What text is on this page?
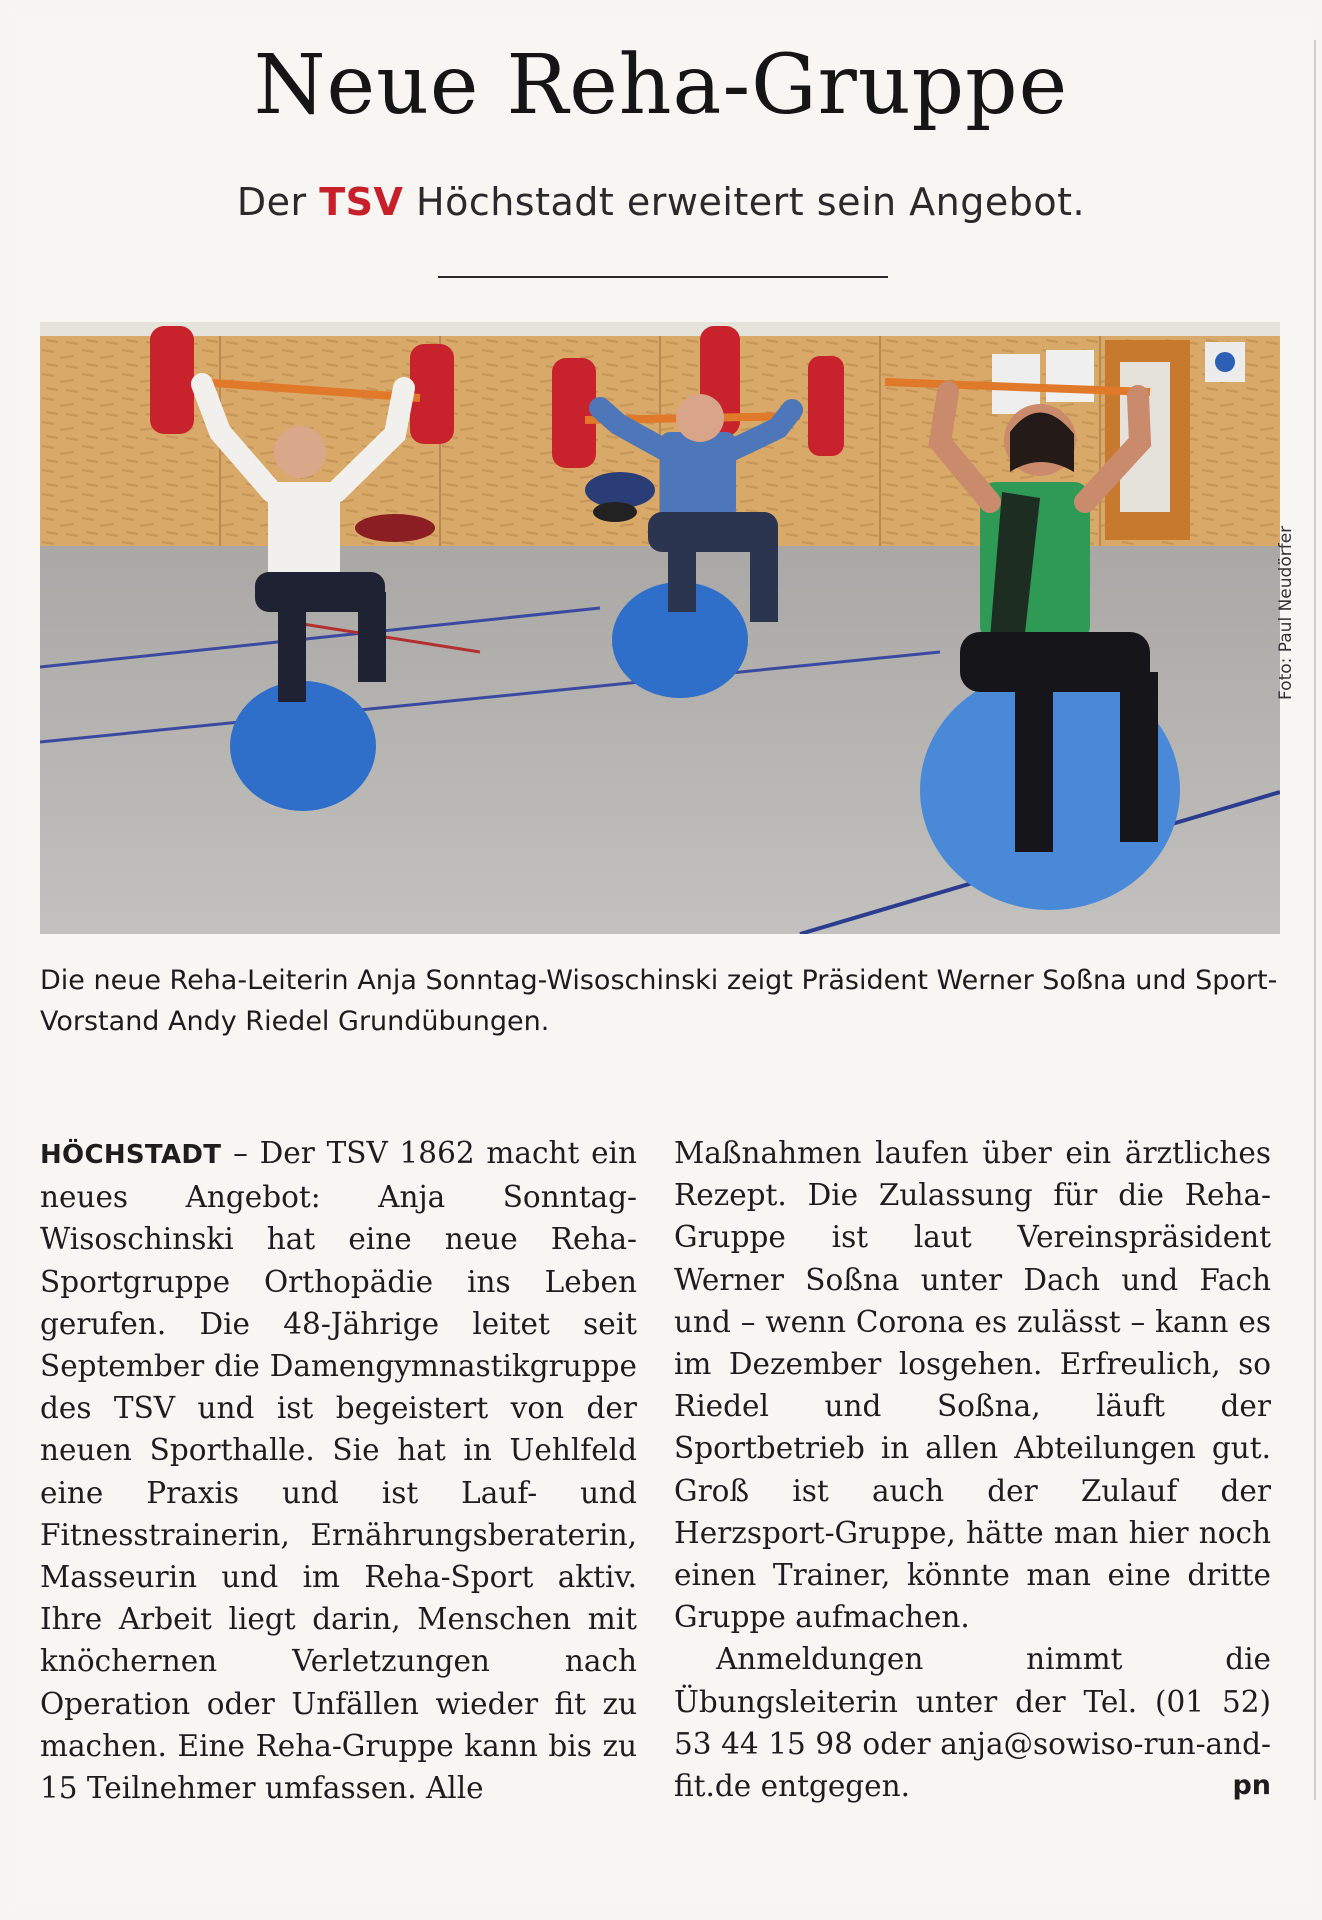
Neue Reha-Gruppe
Der TSV Höchstadt erweitert sein Angebot.
Foto: Paul Neudörfer
Die neue Reha-Leiterin Anja Sonntag-Wisoschinski zeigt Präsident Werner Soßna und Sport-Vorstand Andy Riedel Grundübungen.

HÖCHSTADT – Der TSV 1862 macht ein neues Angebot: Anja Sonntag-Wisoschinski hat eine neue Reha-Sportgruppe Orthopädie ins Leben gerufen. Die 48-Jährige leitet seit September die Damengymnastikgruppe des TSV und ist begeistert von der neuen Sporthalle. Sie hat in Uehlfeld eine Praxis und ist Lauf- und Fitnesstrainerin, Ernährungsberaterin, Masseurin und im Reha-Sport aktiv. Ihre Arbeit liegt darin, Menschen mit knöchernen Verletzungen nach Operation oder Unfällen wieder fit zu machen. Eine Reha-Gruppe kann bis zu 15 Teilnehmer umfassen. Alle

Maßnahmen laufen über ein ärztliches Rezept. Die Zulassung für die Reha-Gruppe ist laut Vereinspräsident Werner Soßna unter Dach und Fach und – wenn Corona es zulässt – kann es im Dezember losgehen. Erfreulich, so Riedel und Soßna, läuft der Sportbetrieb in allen Abteilungen gut. Groß ist auch der Zulauf der Herzsport-Gruppe, hätte man hier noch einen Trainer, könnte man eine dritte Gruppe aufmachen.

Anmeldungen nimmt die Übungsleiterin unter der Tel. (01 52) 53 44 15 98 oder anja@sowiso-run-and-fit.de entgegen.	pn
